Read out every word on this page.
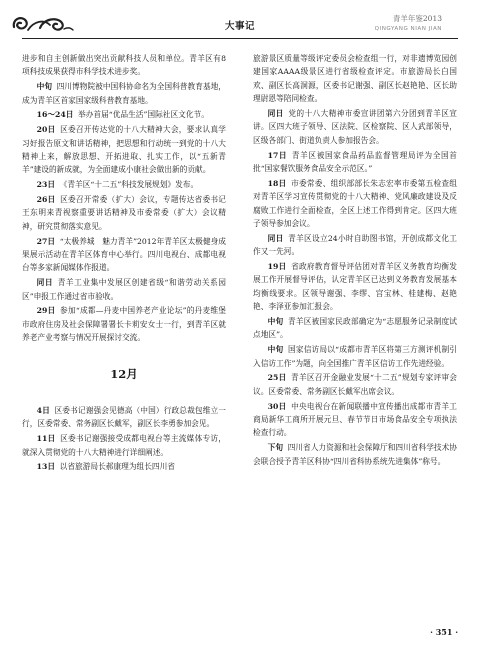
大事记
青羊年鉴2013
QINGYANG NIAN JIAN

进步和自主创新做出突出贡献科技人员和单位。青羊区有8项科技成果获得市科学技术进步奖。

中旬 四川博物院被中国科协命名为全国科普教育基地，成为青羊区首家国家级科普教育基地。

16～24日 举办首届“优品生活”国际社区文化节。

20日 区委召开传达党的十八大精神大会，要求认真学习好报告原文和讲话精神，把思想和行动统一到党的十八大精神上来，解放思想、开拓进取、扎实工作，以“五新青羊”建设的新成就，为全面建成小康社会做出新的贡献。

23日 《青羊区“十二五”科技发展规划》发布。

26日 区委召开常委（扩大）会议，专题传达省委书记王东明来青视察重要讲话精神及市委常委（扩大）会议精神，研究贯彻落实意见。

27日 “太极养城　魅力青羊”2012年青羊区太极健身成果展示活动在青羊区体育中心举行。四川电视台、成都电视台等多家新闻媒体作报道。

同日 青羊工业集中发展区创建省级“和谐劳动关系园区”申报工作通过省市验收。

29日 参加“成都—丹麦中国养老产业论坛”的丹麦维堡市政府住房及社会保障署署长卡莉安女士一行，到青羊区就养老产业考察与情况开展探讨交流。

12月

4日 区委书记谢强会见德高（中国）行政总裁包维立一行，区委常委、常务副区长戴军，副区长李勇参加会见。

11日 区委书记谢强接受成都电视台等主流媒体专访，就深入贯彻党的十八大精神进行详细阐述。

13日 以省旅游局长郝康理为组长四川省

旅游景区质量等级评定委员会检查组一行，对非遗博览园创建国家AAAA级景区进行省级检查评定。市旅游局长白国欢、副区长高洞源，区委书记谢强、副区长赵艳艳、区长助理尉恩等陪同检查。

同日 党的十八大精神市委宣讲团第六分团到青羊区宣讲。区四大班子领导、区法院、区检察院、区人武部领导，区级各部门、街道负责人参加报告会。

17日 青羊区被国家食品药品监督管理局评为全国首批“国家餐饮服务食品安全示范区。”

18日 市委常委、组织部部长朱志宏率市委第五检查组对青羊区学习宣传贯彻党的十八大精神、党风廉政建设及反腐败工作进行全面检查，全区上述工作得到肯定。区四大班子领导参加会议。

同日 青羊区设立24小时自助图书馆，开创成都文化工作又一先河。

19日 省政府教育督导评估团对青羊区义务教育均衡发展工作开展督导评估，认定青羊区已达到义务教育发展基本均衡线要求。区领导谢强、李缪、宫宝林、桂建梅、赵艳艳、李泽亚参加汇报会。

中旬 青羊区被国家民政部确定为“志愿服务记录制度试点地区”。

中旬 国家信访局以“成都市青羊区将第三方测评机制引入信访工作”为题，向全国推广青羊区信访工作先进经验。

25日 青羊区召开金融业发展“十二五”规划专家评审会议。区委常委、常务副区长戴军出席会议。

30日 中央电视台在新闻联播中宣传播出成都市青羊工商局新华工商所开展元旦、春节节日市场食品安全专项执法检查行动。

下旬 四川省人力资源和社会保障厅和四川省科学技术协会联合授予青羊区科协“四川省科协系统先进集体”称号。

· 351 ·
